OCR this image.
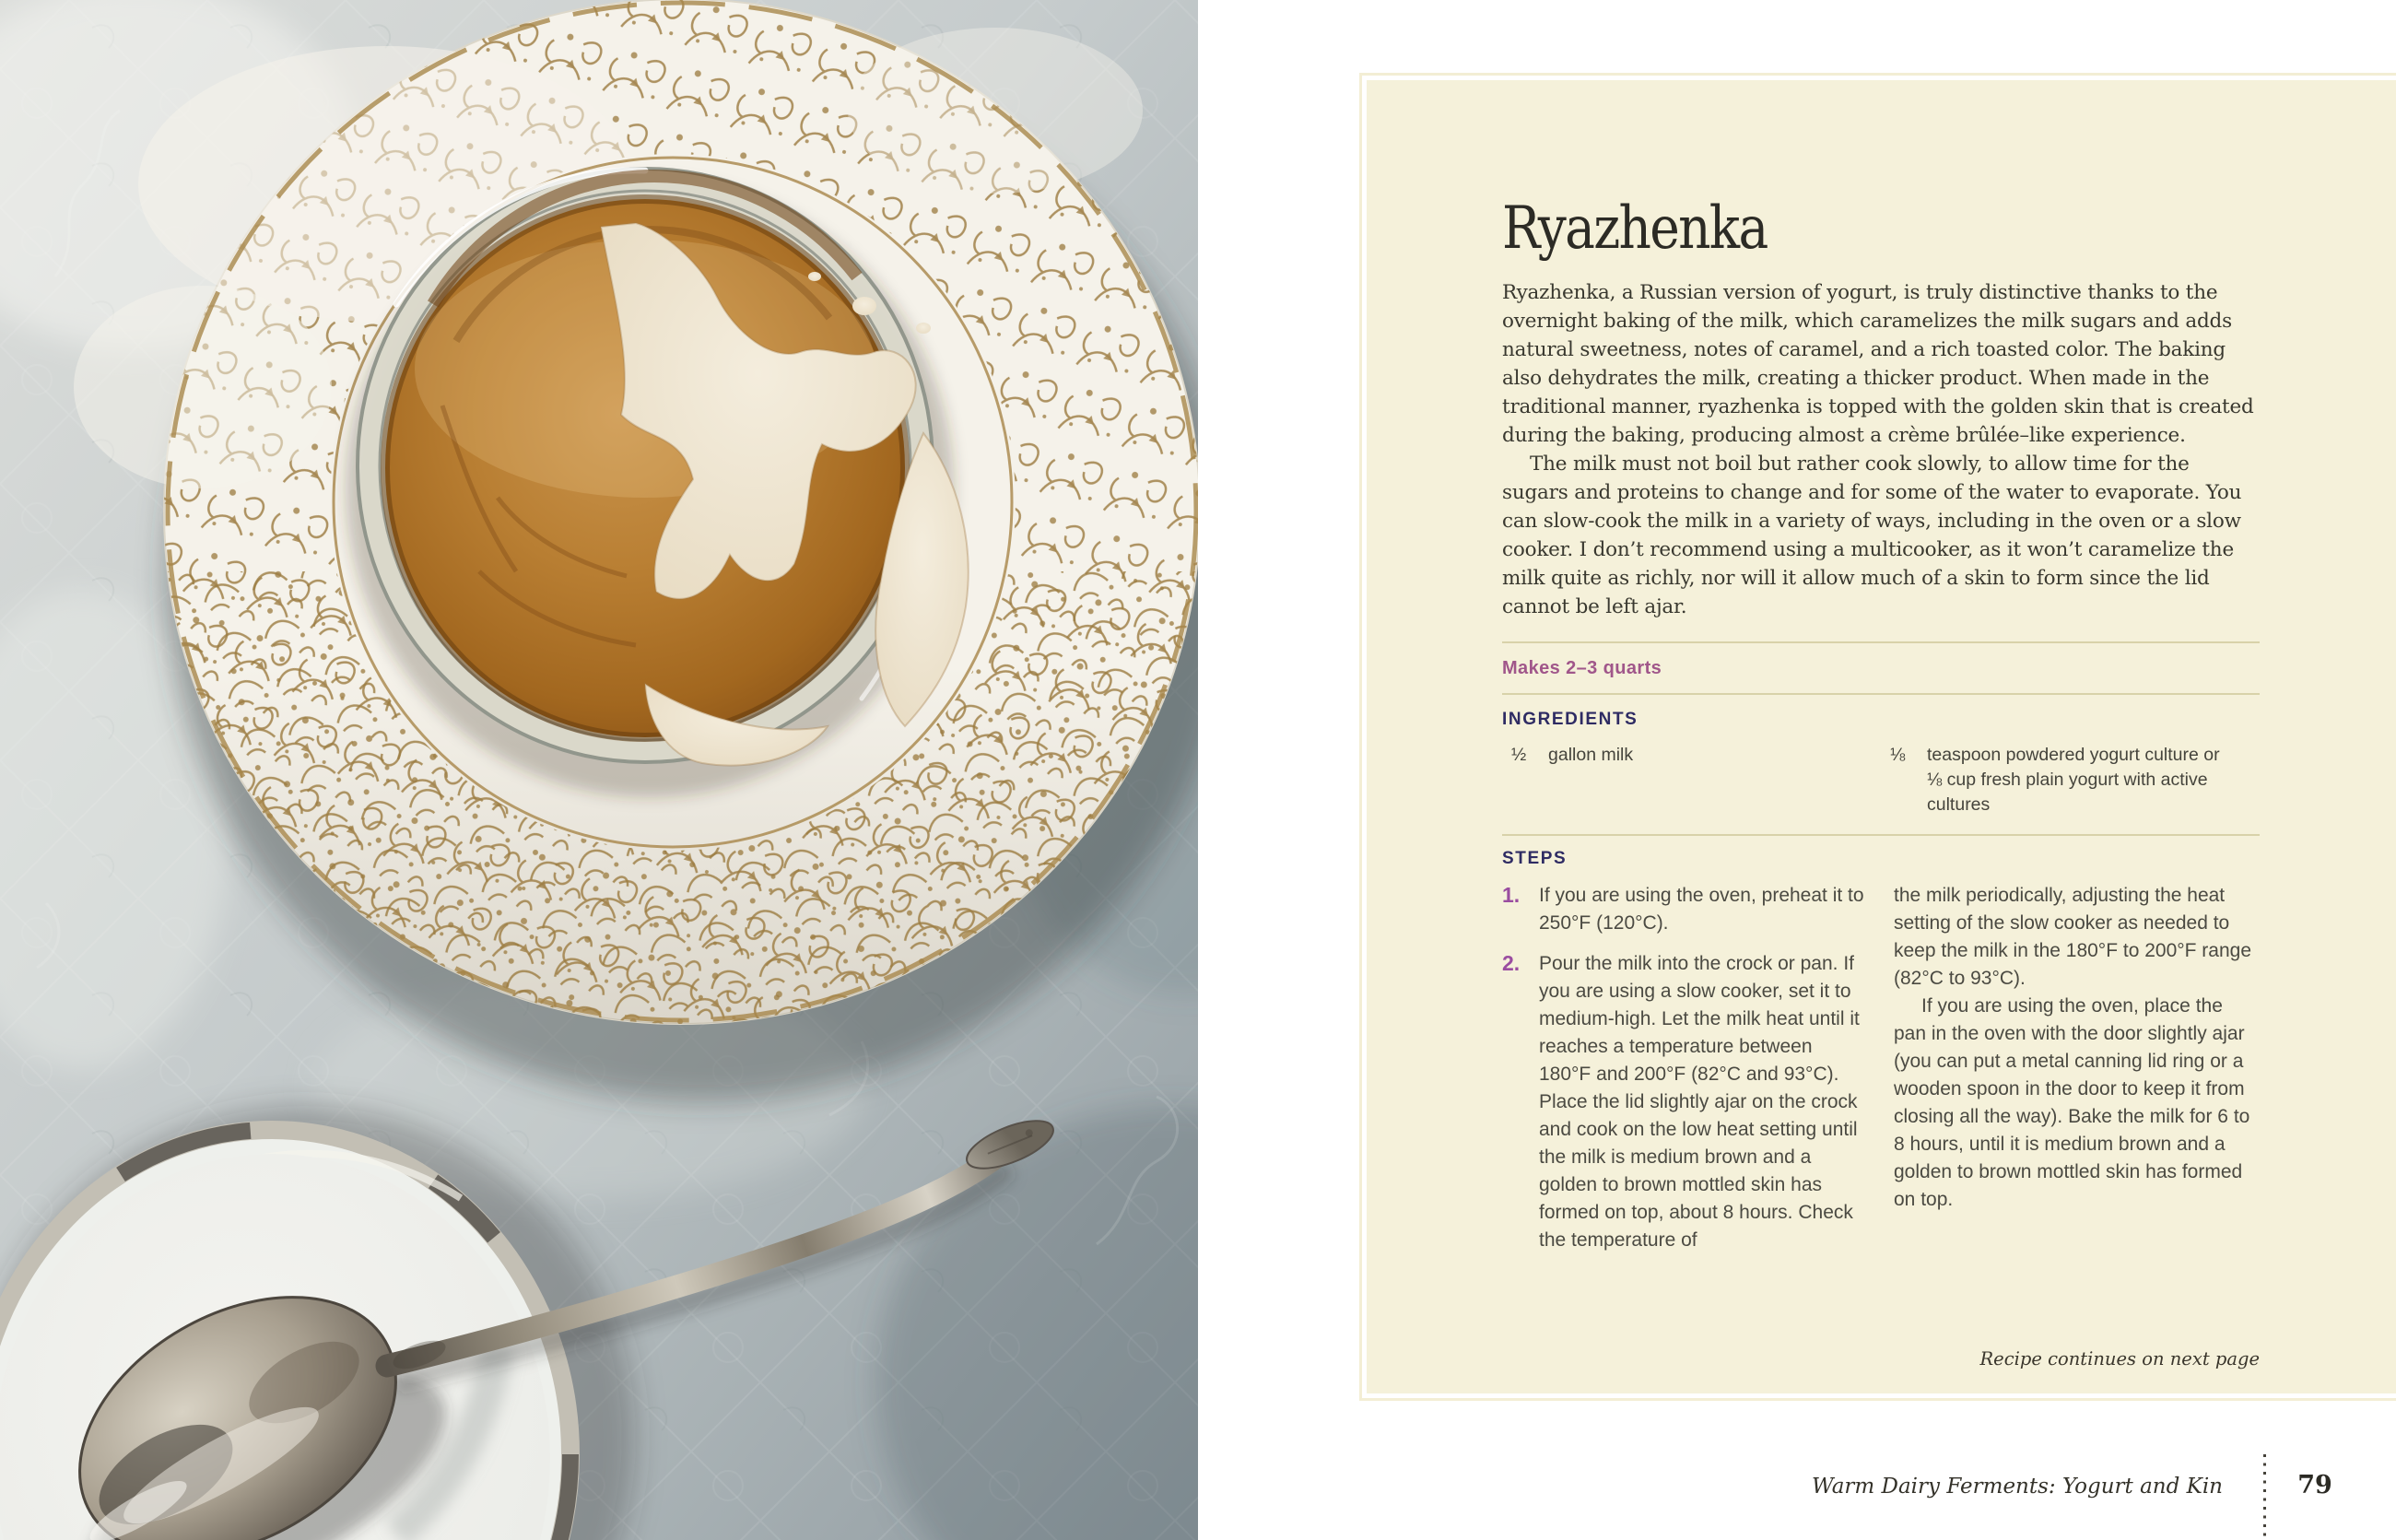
Ryazhenka

Ryazhenka, a Russian version of yogurt, is truly distinctive thanks to the overnight baking of the milk, which caramelizes the milk sugars and adds natural sweetness, notes of caramel, and a rich toasted color. The baking also dehydrates the milk, creating a thicker product. When made in the traditional manner, ryazhenka is topped with the golden skin that is created during the baking, producing almost a crème brûlée–like experience.

The milk must not boil but rather cook slowly, to allow time for the sugars and proteins to change and for some of the water to evaporate. You can slow-cook the milk in a variety of ways, including in the oven or a slow cooker. I don’t recommend using a multicooker, as it won’t caramelize the milk quite as richly, nor will it allow much of a skin to form since the lid cannot be left ajar.

Makes 2–3 quarts
INGREDIENTS
½	gallon milk	⅛	teaspoon powdered yogurt culture or ⅛ cup fresh plain yogurt with active cultures
STEPS
1. If you are using the oven, preheat it to 250°F (120°C).
2. Pour the milk into the crock or pan. If you are using a slow cooker, set it to medium-high. Let the milk heat until it reaches a temperature between 180°F and 200°F (82°C and 93°C). Place the lid slightly ajar on the crock and cook on the low heat setting until the milk is medium brown and a golden to brown mottled skin has formed on top, about 8 hours. Check the temperature of

the milk periodically, adjusting the heat setting of the slow cooker as needed to keep the milk in the 180°F to 200°F range (82°C to 93°C).

If you are using the oven, place the pan in the oven with the door slightly ajar (you can put a metal canning lid ring or a wooden spoon in the door to keep it from closing all the way). Bake the milk for 6 to 8 hours, until it is medium brown and a golden to brown mottled skin has formed on top.

Recipe continues on next page
Warm Dairy Ferments: Yogurt and Kin	79
